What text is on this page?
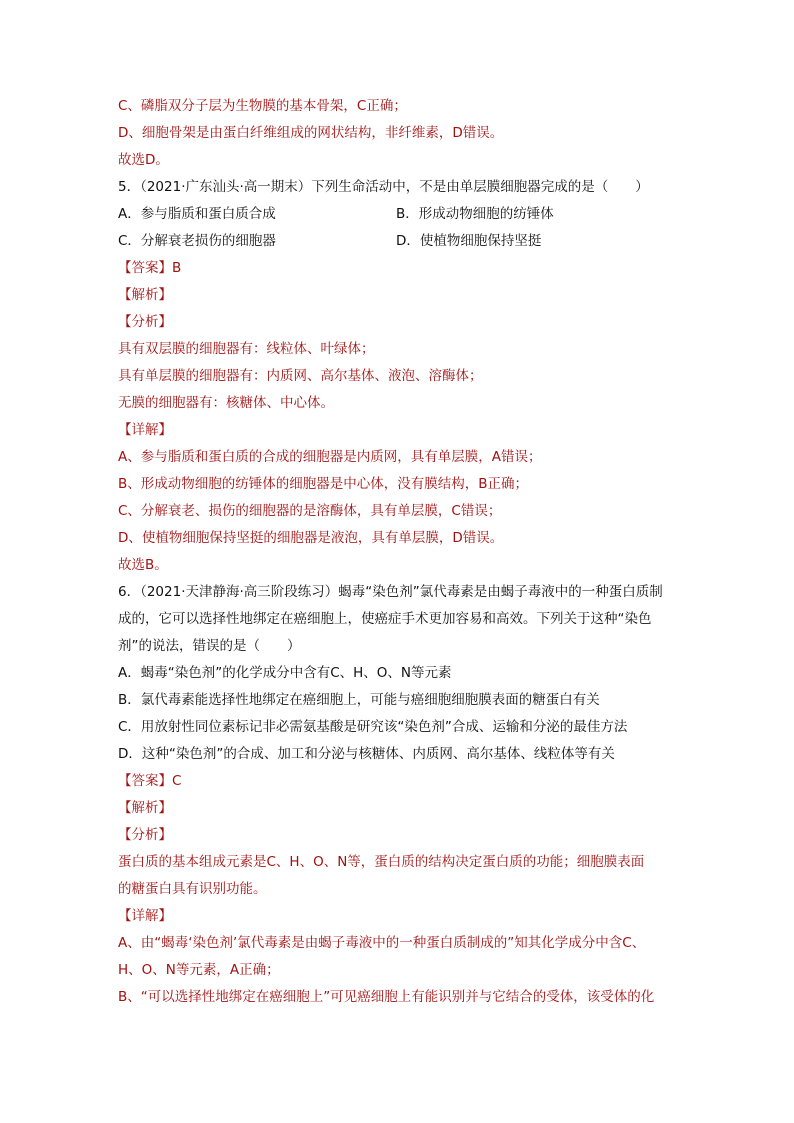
C、磷脂双分子层为生物膜的基本骨架，C正确；
D、细胞骨架是由蛋白纤维组成的网状结构，非纤维素，D错误。
故选D。
5．（2021·广东汕头·高一期末）下列生命活动中，不是由单层膜细胞器完成的是（　　）
A．参与脂质和蛋白质合成	B．形成动物细胞的纺锤体
C．分解衰老损伤的细胞器	D．使植物细胞保持坚挺
【答案】B
【解析】
【分析】
具有双层膜的细胞器有：线粒体、叶绿体；
具有单层膜的细胞器有：内质网、高尔基体、液泡、溶酶体；
无膜的细胞器有：核糖体、中心体。
【详解】
A、参与脂质和蛋白质的合成的细胞器是内质网，具有单层膜，A错误；
B、形成动物细胞的纺锤体的细胞器是中心体，没有膜结构，B正确；
C、分解衰老、损伤的细胞器的是溶酶体，具有单层膜，C错误；
D、使植物细胞保持坚挺的细胞器是液泡，具有单层膜，D错误。
故选B。
6．（2021·天津静海·高三阶段练习）蝎毒“染色剂”氯代毒素是由蝎子毒液中的一种蛋白质制
成的，它可以选择性地绑定在癌细胞上，使癌症手术更加容易和高效。下列关于这种“染色
剂”的说法，错误的是（　　）
A．蝎毒“染色剂”的化学成分中含有C、H、O、N等元素
B．氯代毒素能选择性地绑定在癌细胞上，可能与癌细胞细胞膜表面的糖蛋白有关
C．用放射性同位素标记非必需氨基酸是研究该“染色剂”合成、运输和分泌的最佳方法
D．这种“染色剂”的合成、加工和分泌与核糖体、内质网、高尔基体、线粒体等有关
【答案】C
【解析】
【分析】
蛋白质的基本组成元素是C、H、O、N等，蛋白质的结构决定蛋白质的功能；细胞膜表面
的糖蛋白具有识别功能。
【详解】
A、由“蝎毒‘染色剂’氯代毒素是由蝎子毒液中的一种蛋白质制成的”知其化学成分中含C、
H、O、N等元素，A正确；
B、“可以选择性地绑定在癌细胞上”可见癌细胞上有能识别并与它结合的受体，该受体的化
